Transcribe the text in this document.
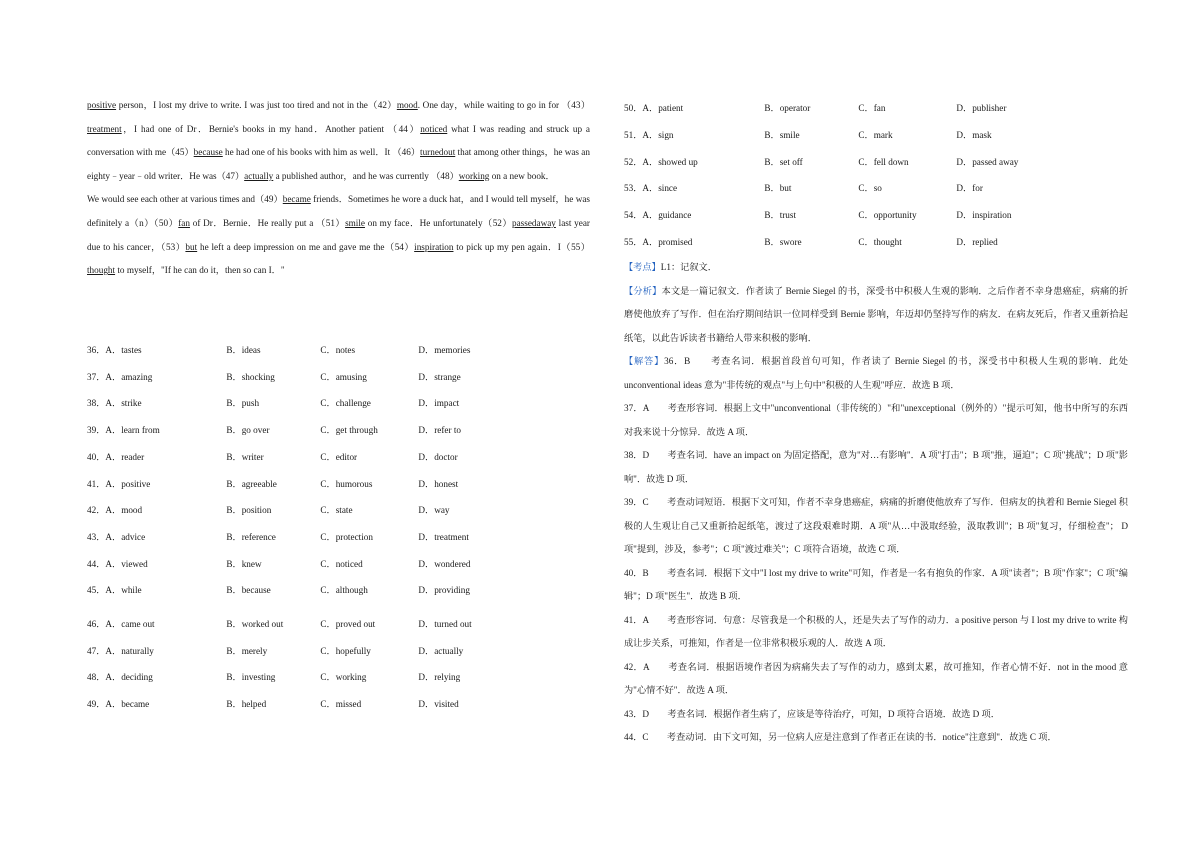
positive person，I lost my drive to write. I was just too tired and not in the（42）mood. One day，while waiting to go in for （43）treatment，I had one of Dr．Bernie's books in my hand．Another patient （44）noticed what I was reading and struck up a conversation with me（45）because he had one of his books with him as well．It （46）turnedout that among other things，he was an eighty﹣year﹣old writer．He was（47）actually a published author，and he was currently （48）working on a new book．

We would see each other at various times and（49）became friends．Sometimes he wore a duck hat，and I would tell myself，he was definitely a（n）（50）fan of Dr．Bernie．He really put a （51）smile on my face．He unfortunately（52）passedaway last year due to his cancer，（53）but he left a deep impression on me and gave me the（54）inspiration to pick up my pen again．I（55）thought to myself，"If he can do it，then so can I．"

36． A．tastes	B．ideas	C．notes	D．memories
37． A．amazing	B．shocking	C．amusing	D．strange
38． A．strike	B．push	C．challenge	D．impact
39． A．learn from	B．go over	C．get through	D．refer to
40． A．reader	B．writer	C．editor	D．doctor
41． A．positive	B．agreeable	C．humorous	D．honest
42． A．mood	B．position	C．state	D．way
43． A．advice	B．reference	C．protection	D．treatment
44． A．viewed	B．knew	C．noticed	D．wondered
45． A．while	B．because	C．although	D．providing
46． A．came out	B．worked out	C．proved out	D．turned out
47． A．naturally	B．merely	C．hopefully	D．actually
48． A．deciding	B．investing	C．working	D．relying
49． A．became	B．helped	C．missed	D．visited
50． A．patient	B．operator	C．fan	D．publisher
51． A．sign	B．smile	C．mark	D．mask
52． A．showed up	B．set off	C．fell down	D．passed away
53． A．since	B．but	C．so	D．for
54． A．guidance	B．trust	C．opportunity	D．inspiration
55． A．promised	B．swore	C．thought	D．replied

【考点】L1：记叙文．

【分析】本文是一篇记叙文．作者读了 Bernie Siegel 的书，深受书中积极人生观的影响．之后作者不幸身患癌症，病痛的折磨使他放弃了写作．但在治疗期间结识一位同样受到 Bernie 影响，年迈却仍坚持写作的病友．在病友死后，作者又重新拾起纸笔，以此告诉读者书籍给人带来积极的影响．

【解答】36．B　　考查名词．根据首段首句可知，作者读了 Bernie Siegel 的书，深受书中积极人生观的影响．此处 unconventional ideas 意为"非传统的观点"与上句中"积极的人生观"呼应．故选 B 项．

37．A　　考查形容词．根据上文中"unconventional（非传统的）"和"unexceptional（例外的）"提示可知，他书中所写的东西对我来说十分惊异．故选 A 项．

38．D　　考查名词．have an impact on 为固定搭配，意为"对…有影响"．A 项"打击"；B 项"推，逼迫"；C 项"挑战"；D 项"影响"．故选 D 项．

39．C　　考查动词短语．根据下文可知，作者不幸身患癌症，病痛的折磨使他放弃了写作．但病友的执着和 Bernie Siegel 积极的人生观让自己又重新拾起纸笔，渡过了这段艰难时期．A 项"从…中汲取经验，汲取教训"；B 项"复习，仔细检查"； D 项"提到，涉及，参考"；C 项"渡过难关"；C 项符合语境，故选 C 项．

40．B　　考查名词．根据下文中"I lost my drive to write"可知，作者是一名有抱负的作家．A 项"读者"；B 项"作家"；C 项"编辑"；D 项"医生"．故选 B 项．

41．A　　考查形容词．句意：尽管我是一个积极的人，还是失去了写作的动力．a positive person 与 I lost my drive to write 构成让步关系，可推知，作者是一位非常积极乐观的人．故选 A 项．

42．A　　考查名词．根据语境作者因为病痛失去了写作的动力，感到太累，故可推知，作者心情不好．not in the mood 意为"心情不好"．故选 A 项．

43．D　　考查名词．根据作者生病了，应该是等待治疗，可知，D 项符合语境．故选 D 项．

44．C　　考查动词．由下文可知，另一位病人应是注意到了作者正在读的书．notice"注意到"．故选 C 项．
